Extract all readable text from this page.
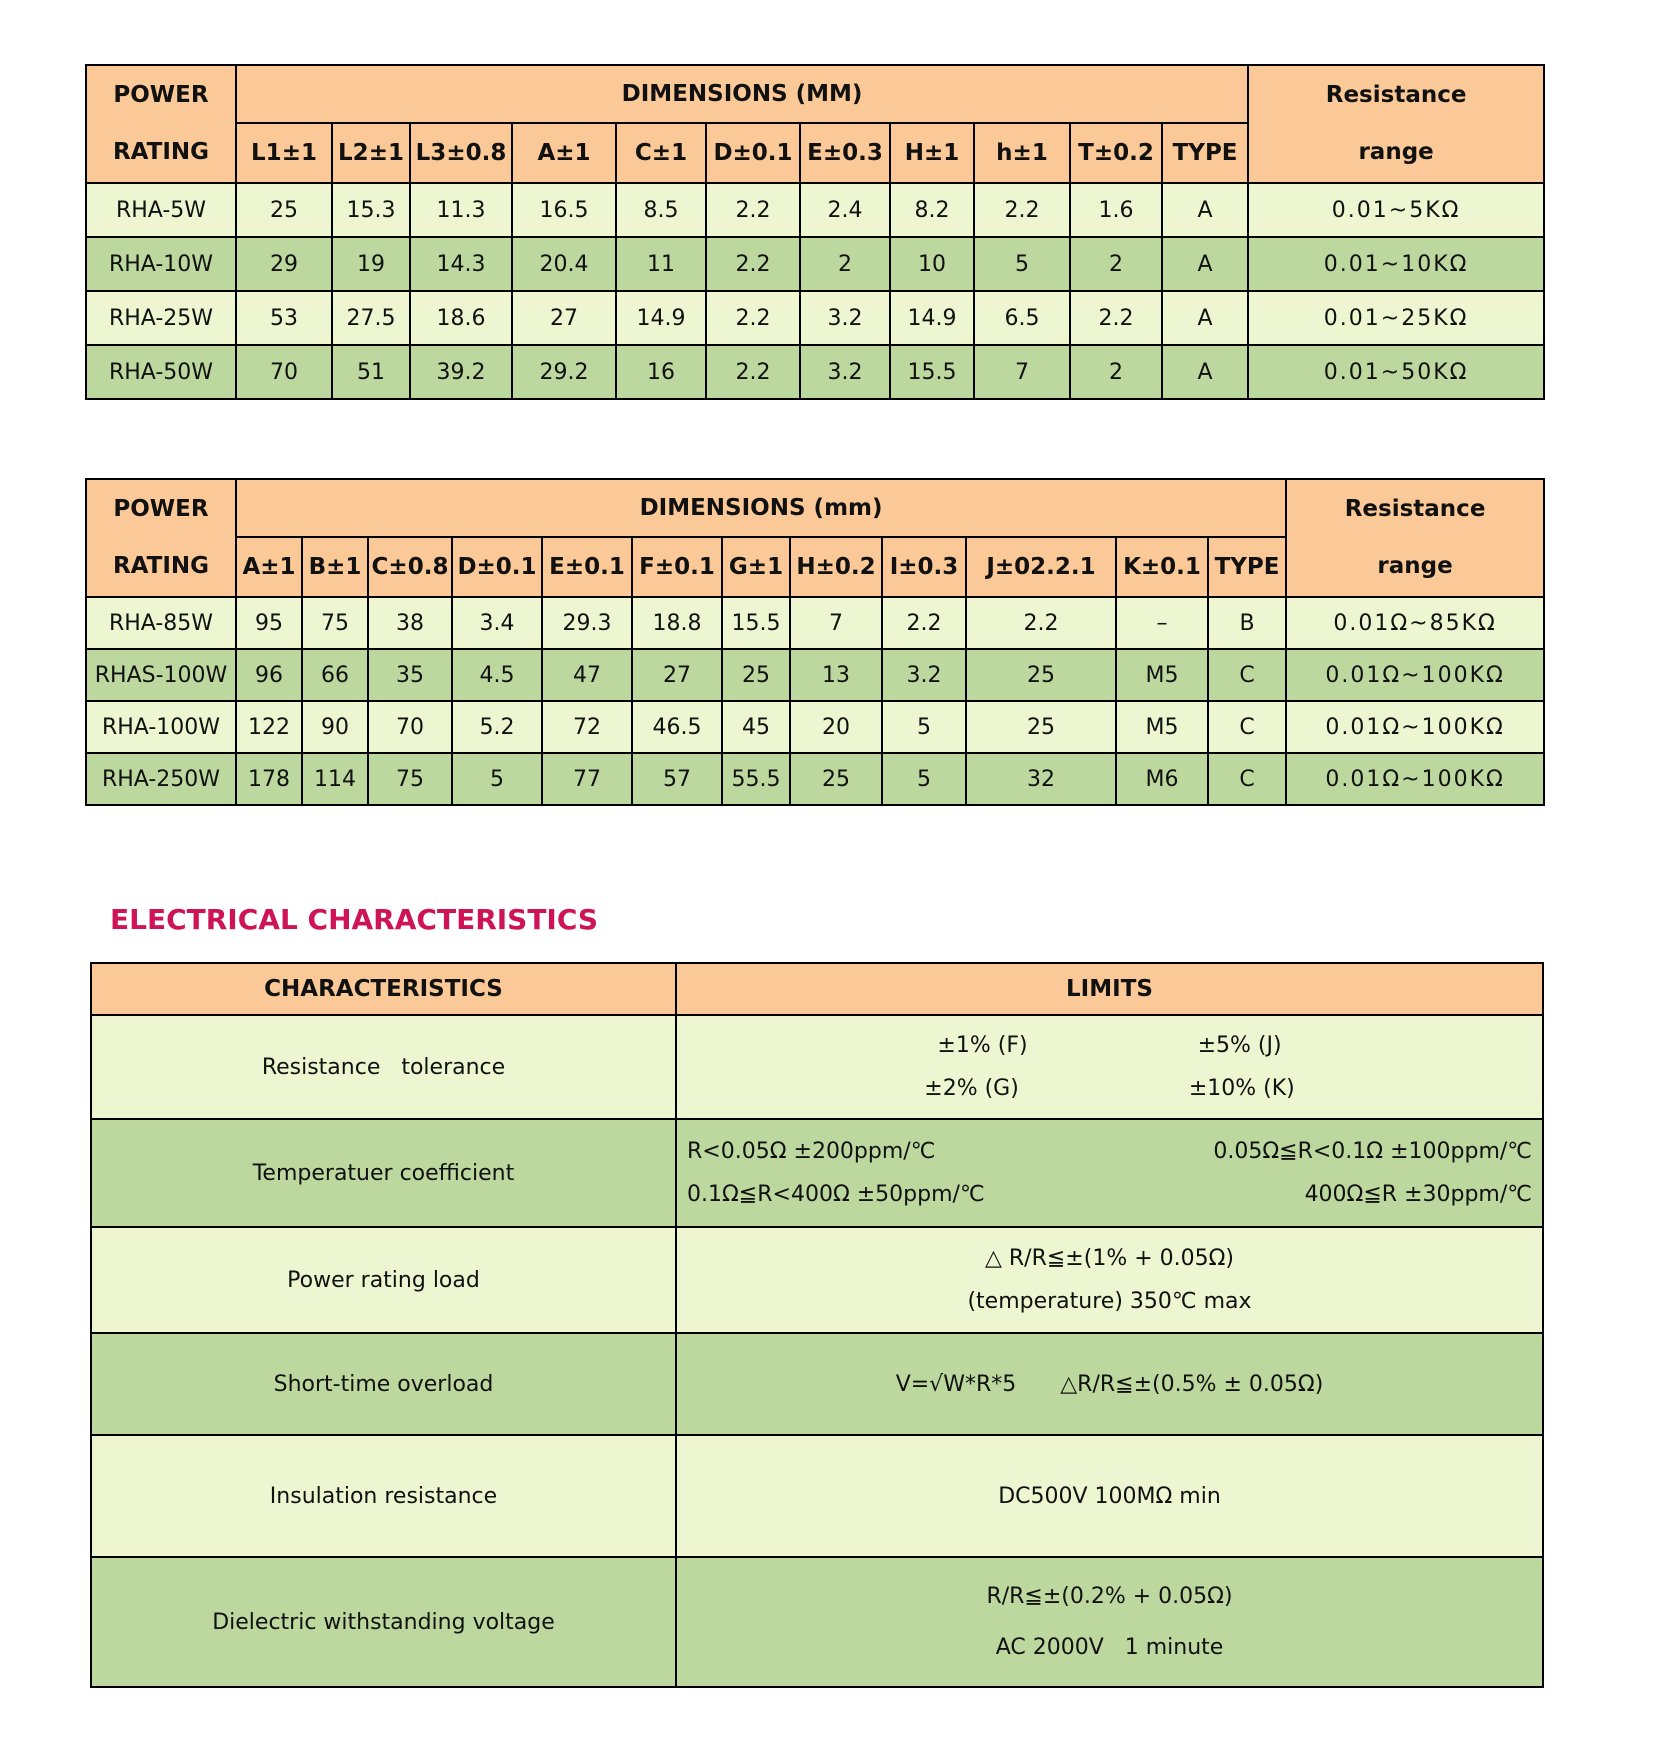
POWER
RATING
	DIMENSIONS (MM)	Resistance
range

	L1±1	L2±1	L3±0.8	A±1	C±1	D±0.1	E±0.3	H±1	h±1	T±0.2	TYPE	
RHA-5W	25	15.3	11.3	16.5	8.5	2.2	2.4	8.2	2.2	1.6	A	0.01~5KΩ
RHA-10W	29	19	14.3	20.4	11	2.2	2	10	5	2	A	0.01~10KΩ
RHA-25W	53	27.5	18.6	27	14.9	2.2	3.2	14.9	6.5	2.2	A	0.01~25KΩ
RHA-50W	70	51	39.2	29.2	16	2.2	3.2	15.5	7	2	A	0.01~50KΩ
POWER
RATING
	DIMENSIONS (mm)	Resistance
range

	A±1	B±1	C±0.8	D±0.1	E±0.1	F±0.1	G±1	H±0.2	I±0.3	J±02.2.1	K±0.1	TYPE	
RHA-85W	95	75	38	3.4	29.3	18.8	15.5	7	2.2	2.2	–	B	0.01Ω~85KΩ
RHAS-100W	96	66	35	4.5	47	27	25	13	3.2	25	M5	C	0.01Ω~100KΩ
RHA-100W	122	90	70	5.2	72	46.5	45	20	5	25	M5	C	0.01Ω~100KΩ
RHA-250W	178	114	75	5	77	57	55.5	25	5	32	M6	C	0.01Ω~100KΩ
ELECTRICAL CHARACTERISTICS
CHARACTERISTICS	LIMITS
Resistance   tolerance	±1% (F) ±5% (J)
±2% (G) ±10% (K)

Temperatuer coefficient	R<0.05Ω ±200ppm/℃ 0.05Ω≦R<0.1Ω ±100ppm/℃
0.1Ω≦R<400Ω ±50ppm/℃ 400Ω≦R ±30ppm/℃

Power rating load	△ R/R≦±(1% + 0.05Ω)
(temperature) 350℃ max

Short-time overload	V=√W*R*5 △R/R≦±(0.5% ± 0.05Ω)

Insulation resistance	DC500V 100MΩ min

Dielectric withstanding voltage	R/R≦±(0.2% + 0.05Ω)
AC 2000V   1 minute
